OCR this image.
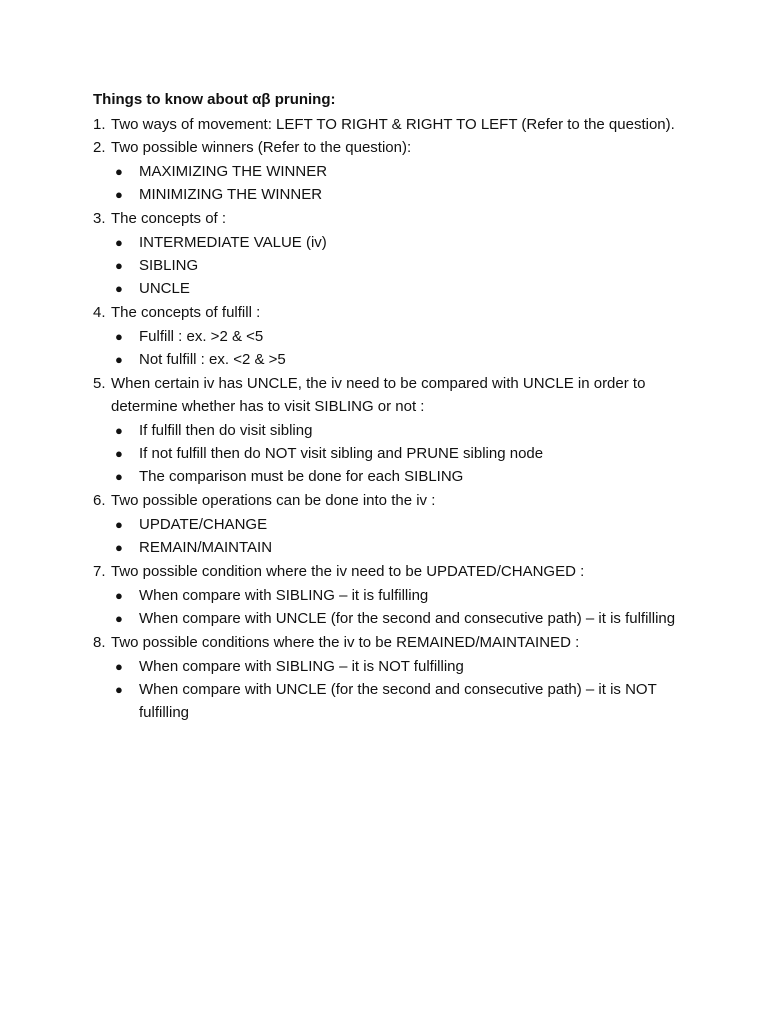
Things to know about αβ pruning:
1. Two ways of movement: LEFT TO RIGHT & RIGHT TO LEFT (Refer to the question).
2. Two possible winners (Refer to the question):
●	MAXIMIZING THE WINNER
●	MINIMIZING THE WINNER
3. The concepts of :
●	INTERMEDIATE VALUE (iv)
●	SIBLING
●	UNCLE
4. The concepts of fulfill :
●	Fulfill : ex. >2 & <5
●	Not fulfill : ex. <2 & >5
5. When certain iv has UNCLE, the iv need to be compared with UNCLE in order to determine whether has to visit SIBLING or not :
●	If fulfill then do visit sibling
●	If not fulfill then do NOT visit sibling and PRUNE sibling node
●	The comparison must be done for each SIBLING
6. Two possible operations can be done into the iv :
●	UPDATE/CHANGE
●	REMAIN/MAINTAIN
7. Two possible condition where the iv need to be UPDATED/CHANGED :
●	When compare with SIBLING – it is fulfilling
●	When compare with UNCLE (for the second and consecutive path) – it is fulfilling
8. Two possible conditions where the iv to be REMAINED/MAINTAINED :
●	When compare with SIBLING – it is NOT fulfilling
●	When compare with UNCLE (for the second and consecutive path) – it is NOT fulfilling
